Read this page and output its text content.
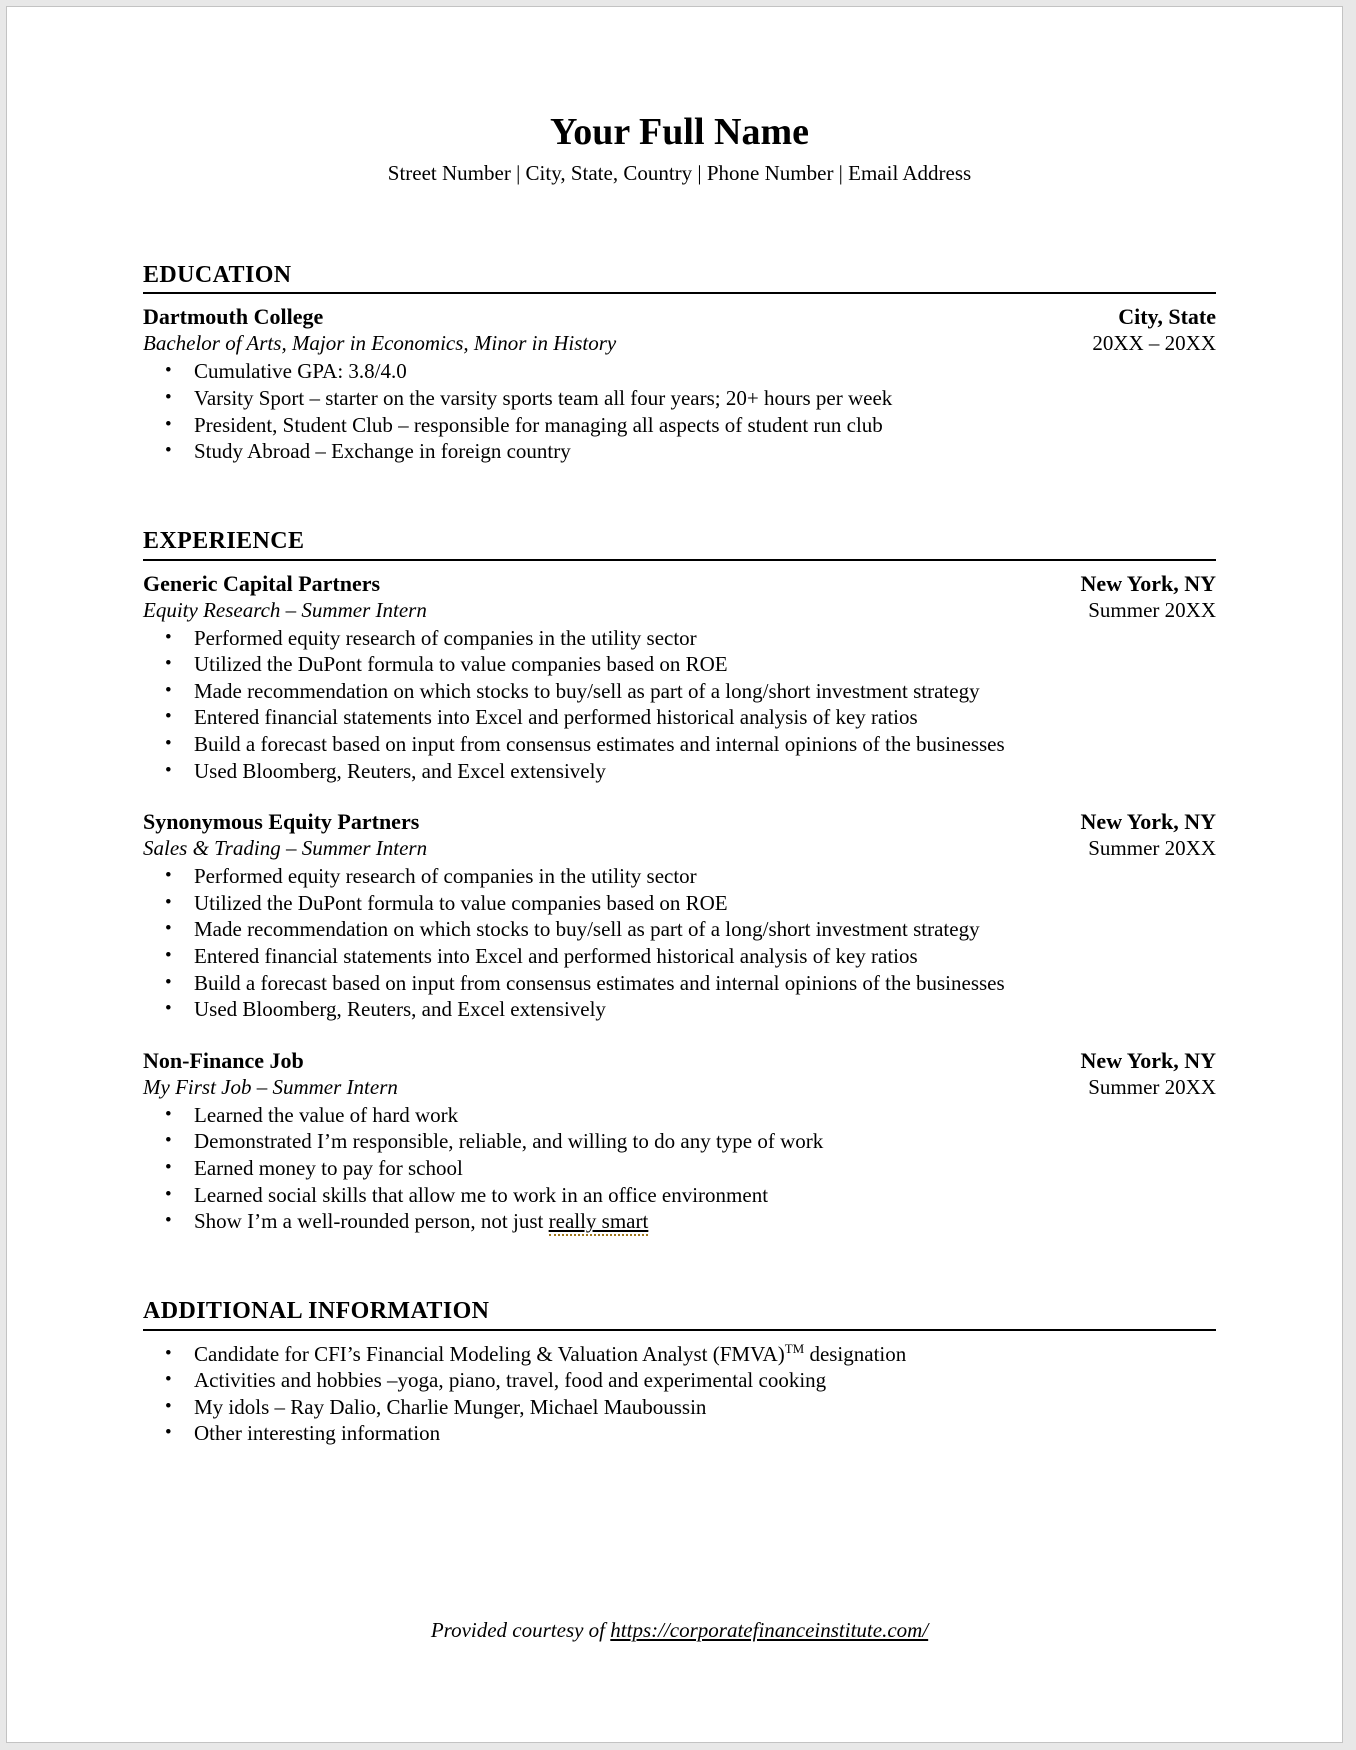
Your Full Name
Street Number | City, State, Country | Phone Number | Email Address
EDUCATION
Dartmouth College	City, State
Bachelor of Arts, Major in Economics, Minor in History	20XX – 20XX
• Cumulative GPA: 3.8/4.0
• Varsity Sport – starter on the varsity sports team all four years; 20+ hours per week
• President, Student Club – responsible for managing all aspects of student run club
• Study Abroad – Exchange in foreign country
EXPERIENCE
Generic Capital Partners	New York, NY
Equity Research – Summer Intern	Summer 20XX
• Performed equity research of companies in the utility sector
• Utilized the DuPont formula to value companies based on ROE
• Made recommendation on which stocks to buy/sell as part of a long/short investment strategy
• Entered financial statements into Excel and performed historical analysis of key ratios
• Build a forecast based on input from consensus estimates and internal opinions of the businesses
• Used Bloomberg, Reuters, and Excel extensively
Synonymous Equity Partners	New York, NY
Sales & Trading – Summer Intern	Summer 20XX
• Performed equity research of companies in the utility sector
• Utilized the DuPont formula to value companies based on ROE
• Made recommendation on which stocks to buy/sell as part of a long/short investment strategy
• Entered financial statements into Excel and performed historical analysis of key ratios
• Build a forecast based on input from consensus estimates and internal opinions of the businesses
• Used Bloomberg, Reuters, and Excel extensively
Non-Finance Job	New York, NY
My First Job – Summer Intern	Summer 20XX
• Learned the value of hard work
• Demonstrated I’m responsible, reliable, and willing to do any type of work
• Earned money to pay for school
• Learned social skills that allow me to work in an office environment
• Show I’m a well-rounded person, not just really smart
ADDITIONAL INFORMATION
• Candidate for CFI’s Financial Modeling & Valuation Analyst (FMVA)™ designation
• Activities and hobbies –yoga, piano, travel, food and experimental cooking
• My idols – Ray Dalio, Charlie Munger, Michael Mauboussin
• Other interesting information
Provided courtesy of https://corporatefinanceinstitute.com/
